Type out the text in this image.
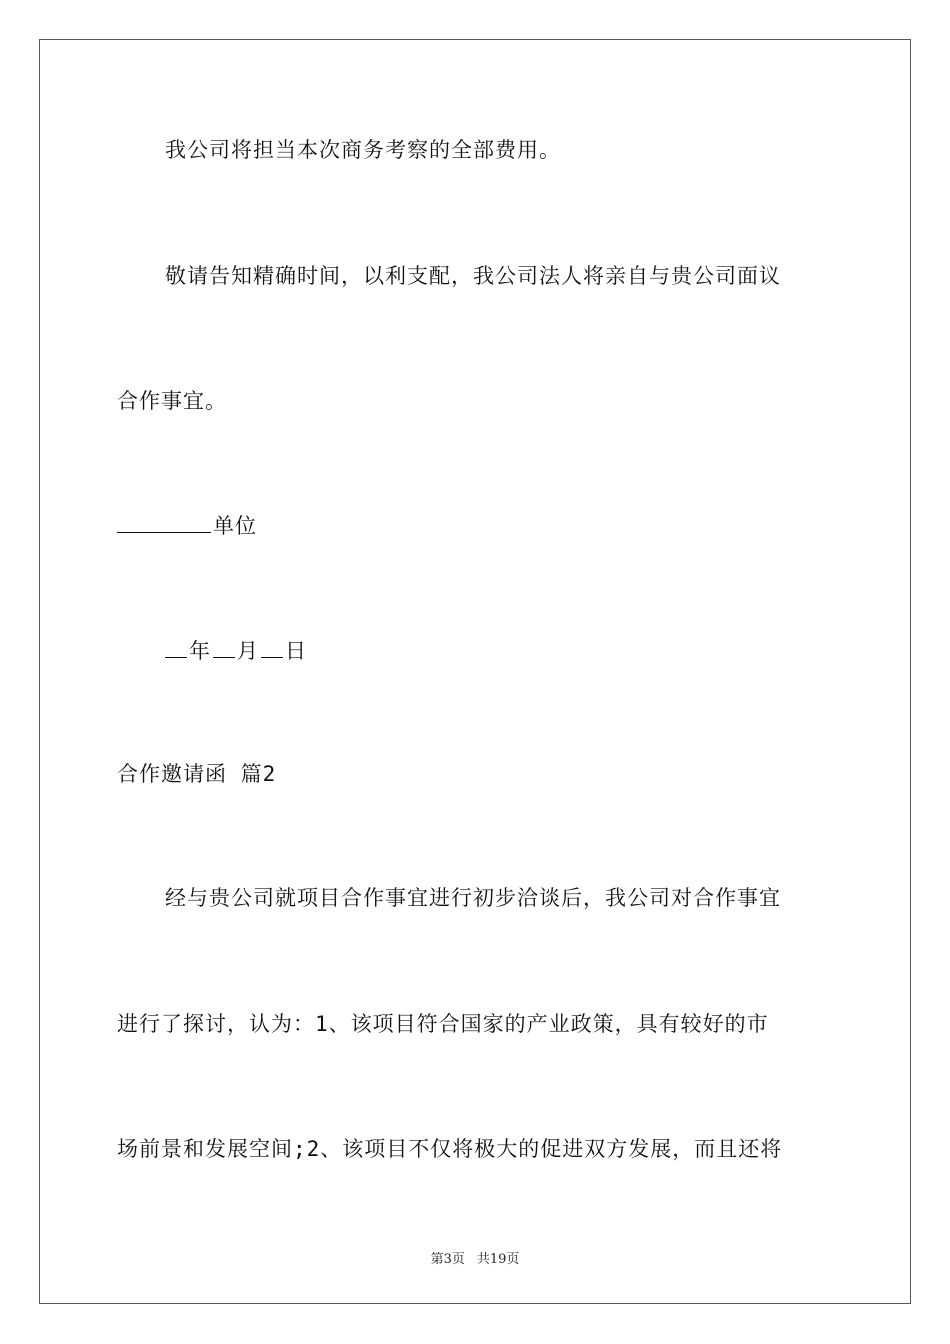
我公司将担当本次商务考察的全部费用。
敬请告知精确时间，以利支配，我公司法人将亲自与贵公司面议
合作事宜。
单位
年 月 日
合作邀请函 篇2
经与贵公司就项目合作事宜进行初步洽谈后，我公司对合作事宜
进行了探讨，认为：1、该项目符合国家的产业政策，具有较好的市
场前景和发展空间;2、该项目不仅将极大的促进双方发展，而且还将
第3页 共19页
